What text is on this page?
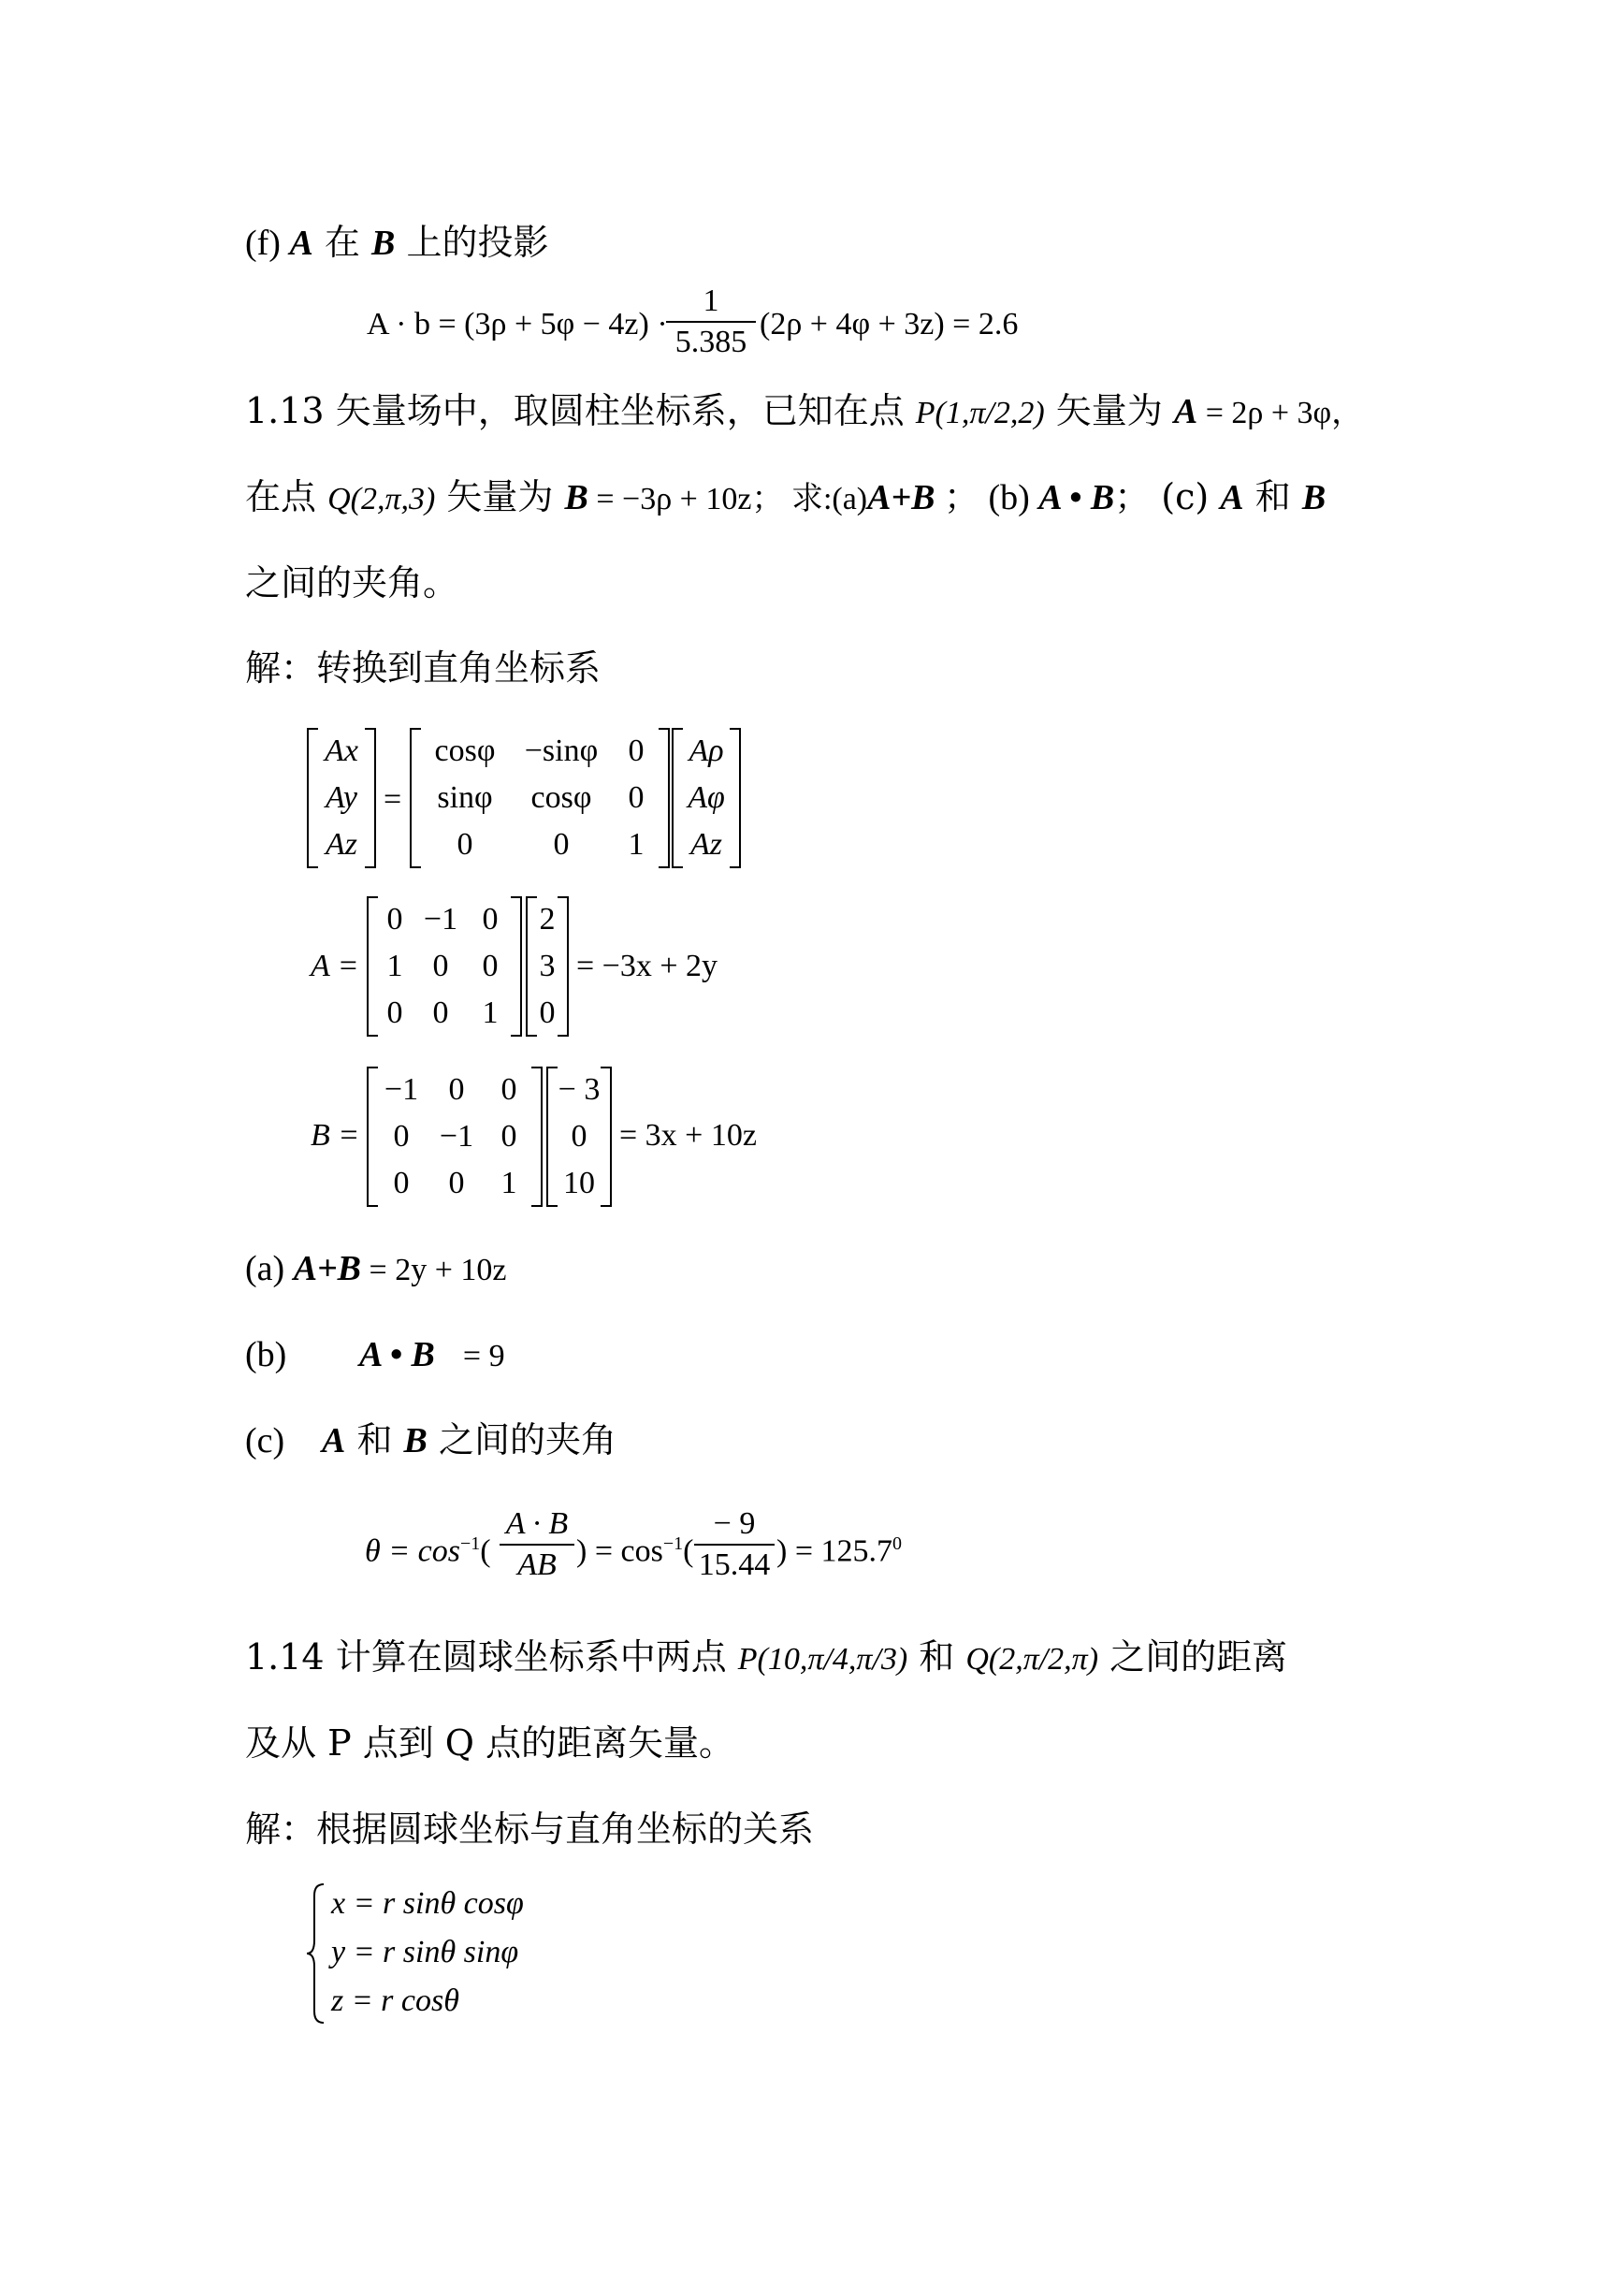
(f) A 在 B 上的投影
A · b = (3ρ + 5φ − 4z) ·
1
5.385
(2ρ + 4φ + 3z) = 2.6
1.13 矢量场中，取圆柱坐标系，已知在点 P(1,π/2,2) 矢量为 A = 2ρ + 3φ，
在点 Q(2,π,3) 矢量为 B = −3ρ + 10z； 求:(a)A+B ； (b) A • B； (c) A 和 B
之间的夹角。
解：转换到直角坐标系
Ax
Ay
Az
=
cosφ −sinφ 0
sinφ	cosφ	0
0	0	1
Aρ
Aφ
Az
A =
0 −1 0
1 0	0
0 0	1
2
3
0
= −3x + 2y
B =
−1 0	0
0 −1 0
0	0	1
− 3
0
10
= 3x + 10z
(a) A+B = 2y + 10z
(b) A • B = 9
(c) A 和 B 之间的夹角
$\theta = \cos^{-1}$(
A · B
AB ) = $\cos^{-1}$(
− 9
15.44 ) = $125.7^0$
1.14 计算在圆球坐标系中两点 P(10,π/4,π/3) 和 Q(2,π/2,π) 之间的距离
及从 P 点到 Q 点的距离矢量。
解：根据圆球坐标与直角坐标的关系
x = r sinθ cosφ
y = r sinθ sinφ
z = r cosθ
